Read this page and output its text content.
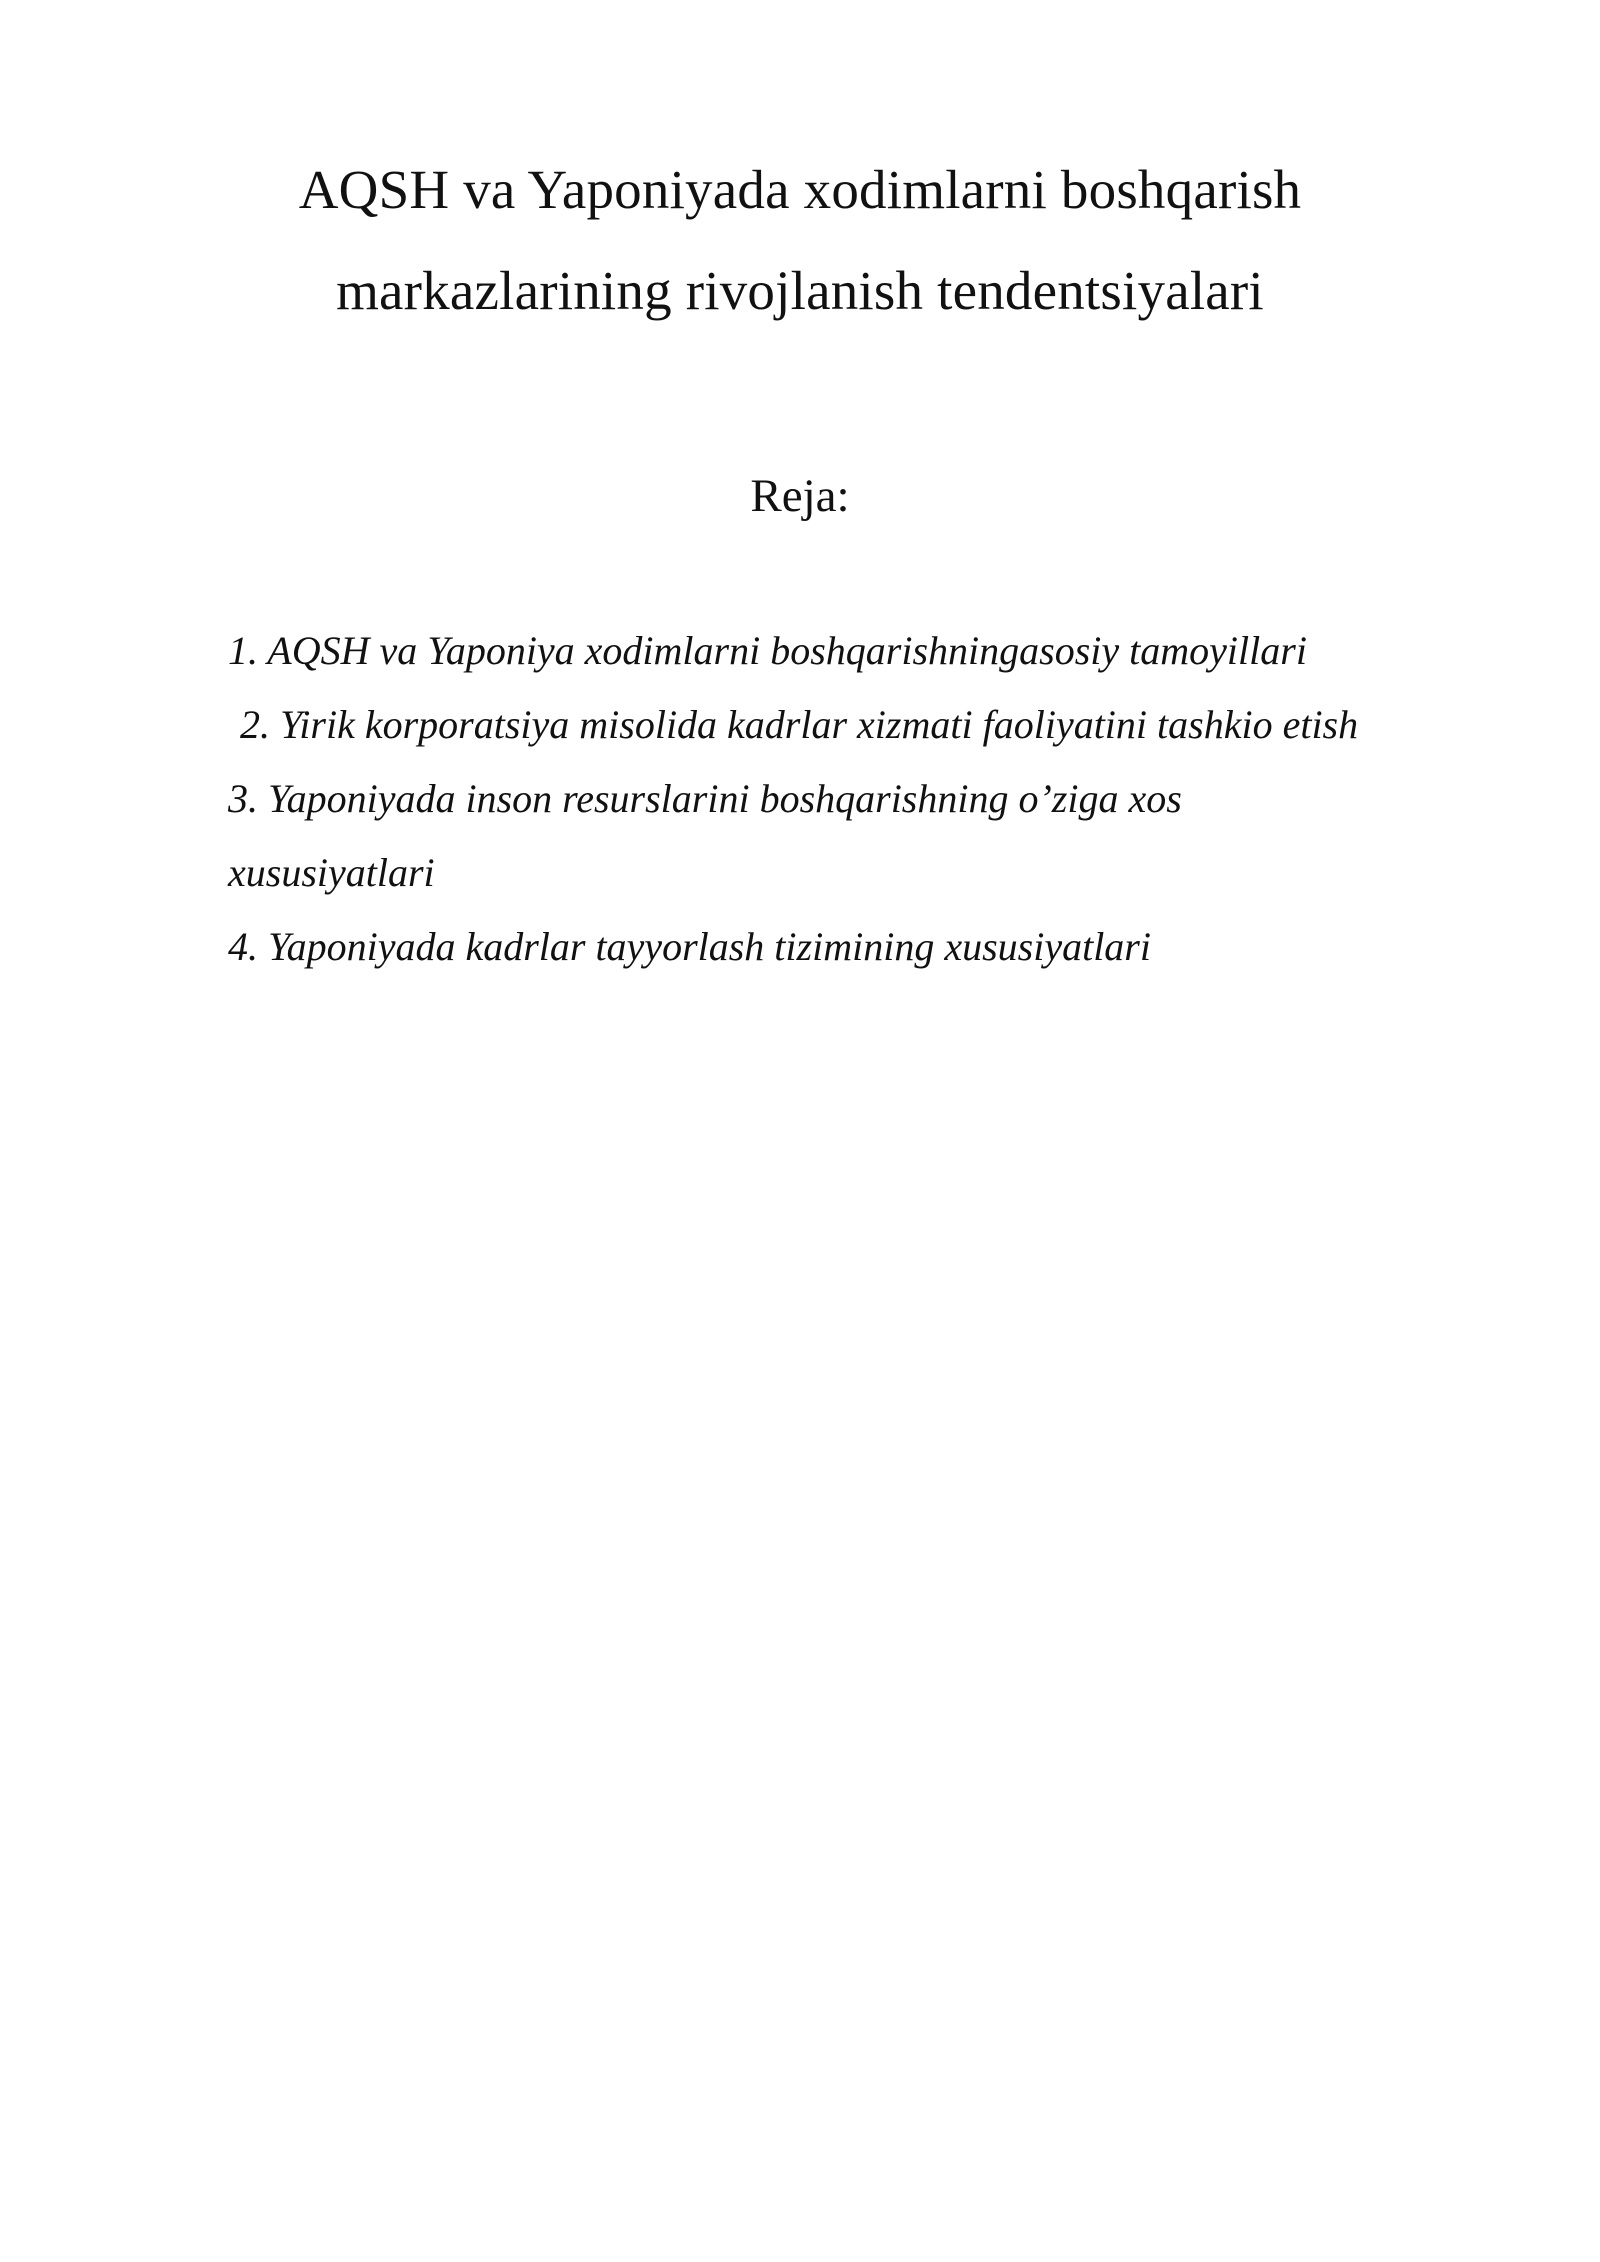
AQSH va Yaponiyada xodimlarni boshqarish
markazlarining rivojlanish tendentsiyalari
Reja:
1. AQSH va Yaponiya xodimlarni boshqarishningasosiy tamoyillari
2. Yirik korporatsiya misolida kadrlar xizmati faoliyatini tashkio etish
3. Yaponiyada inson resurslarini boshqarishning o’ziga xos xususiyatlari
4. Yaponiyada kadrlar tayyorlash tizimining xususiyatlari
